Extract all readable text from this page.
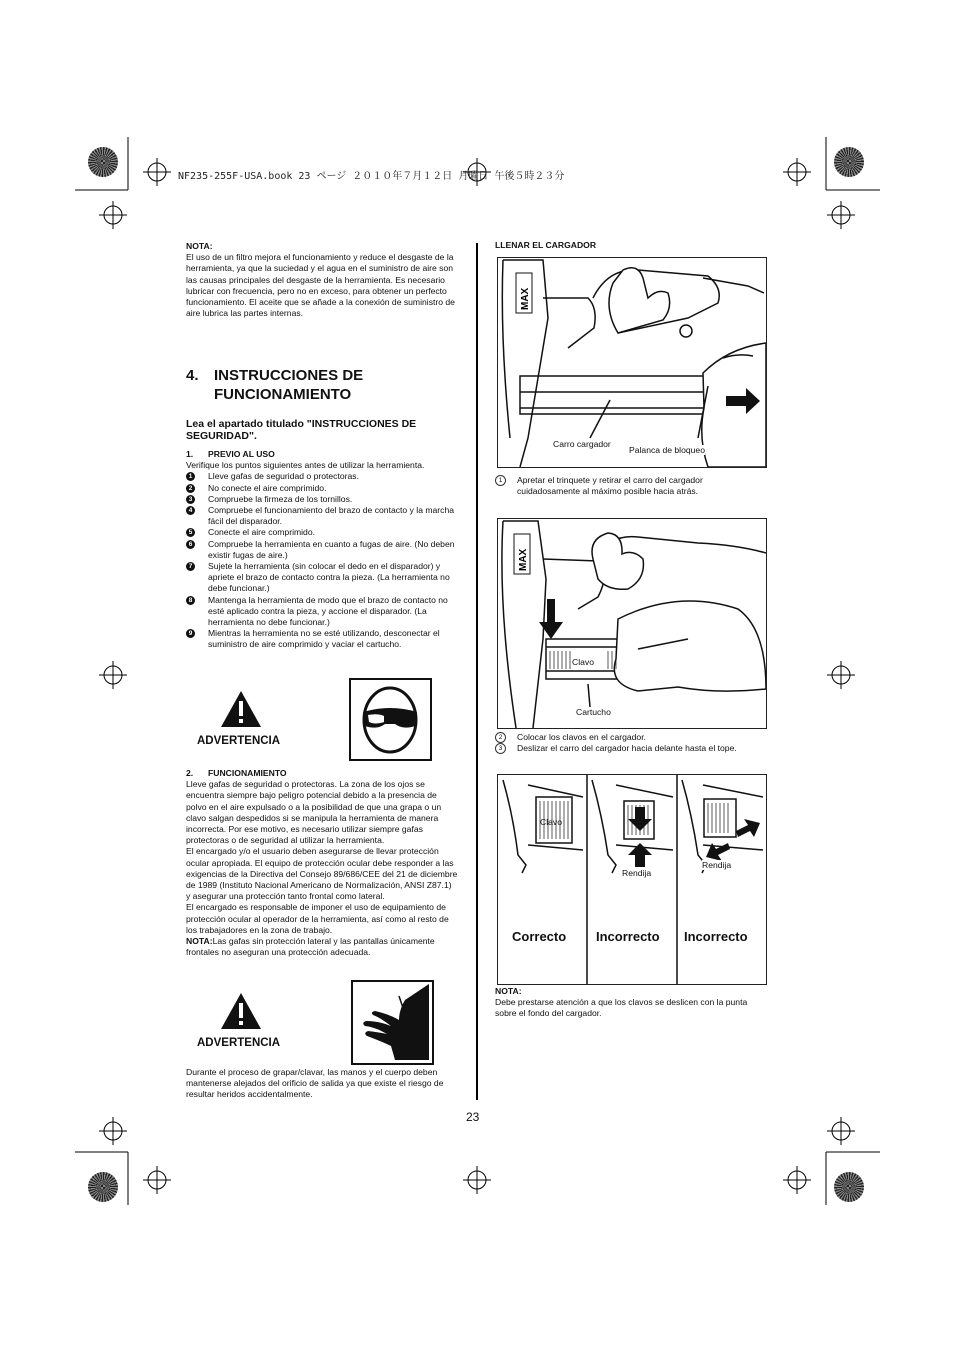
NF235-255F-USA.book 23 ページ ２０１０年７月１２日 月曜日 午後５時２３分
NOTA:
El uso de un filtro mejora el funcionamiento y reduce el desgaste de la herramienta, ya que la suciedad y el agua en el suministro de aire son las causas principales del desgaste de la herramienta. Es necesario lubricar con frecuencia, pero no en exceso, para obtener un perfecto funcionamiento. El aceite que se añade a la conexión de suministro de aire lubrica las partes internas.
4.	INSTRUCCIONES DE
FUNCIONAMIENTO
Lea el apartado titulado "INSTRUCCIONES DE SEGURIDAD".
1.	PREVIO AL USO
Verifique los puntos siguientes antes de utilizar la herramienta.
1	Lleve gafas de seguridad o protectoras.
2	No conecte el aire comprimido.
3	Compruebe la firmeza de los tornillos.
4	Compruebe el funcionamiento del brazo de contacto y la marcha fácil del disparador.
5	Conecte el aire comprimido.
6	Compruebe la herramienta en cuanto a fugas de aire. (No deben existir fugas de aire.)
7	Sujete la herramienta (sin colocar el dedo en el disparador) y apriete el brazo de contacto contra la pieza. (La herramienta no debe funcionar.)
8	Mantenga la herramienta de modo que el brazo de contacto no esté aplicado contra la pieza, y accione el disparador. (La herramienta no debe funcionar.)
9	Mientras la herramienta no se esté utilizando, desconectar el suministro de aire comprimido y vaciar el cartucho.
ADVERTENCIA
2.	FUNCIONAMIENTO
Lleve gafas de seguridad o protectoras. La zona de los ojos se encuentra siempre bajo peligro potencial debido a la presencia de polvo en el aire expulsado o a la posibilidad de que una grapa o un clavo salgan despedidos si se manipula la herramienta de manera incorrecta. Por ese motivo, es necesario utilizar siempre gafas protectoras o de seguridad al utilizar la herramienta.
El encargado y/o el usuario deben asegurarse de llevar protección ocular apropiada. El equipo de protección ocular debe responder a las exigencias de la Directiva del Consejo 89/686/CEE del 21 de diciembre de 1989 (Instituto Nacional Americano de Normalización, ANSI Z87.1) y asegurar una protección tanto frontal como lateral.
El encargado es responsable de imponer el uso de equipamiento de protección ocular al operador de la herramienta, así como al resto de los trabajadores en la zona de trabajo.
NOTA:Las gafas sin protección lateral y las pantallas únicamente frontales no aseguran una protección adecuada.
ADVERTENCIA
Durante el proceso de grapar/clavar, las manos y el cuerpo deben mantenerse alejados del orificio de salida ya que existe el riesgo de resultar heridos accidentalmente.
LLENAR EL CARGADOR
MAX
Carro cargador
Palanca de bloqueo
1	Apretar el trinquete y retirar el carro del cargador cuidadosamente al máximo posible hacia atrás.
MAX
Clavo
Cartucho
2	Colocar los clavos en el cargador.
3	Deslizar el carro del cargador hacia delante hasta el tope.
Clavo
Rendija
Rendija
Correcto Incorrecto Incorrecto
NOTA:
Debe prestarse atención a que los clavos se deslicen con la punta sobre el fondo del cargador.
23
